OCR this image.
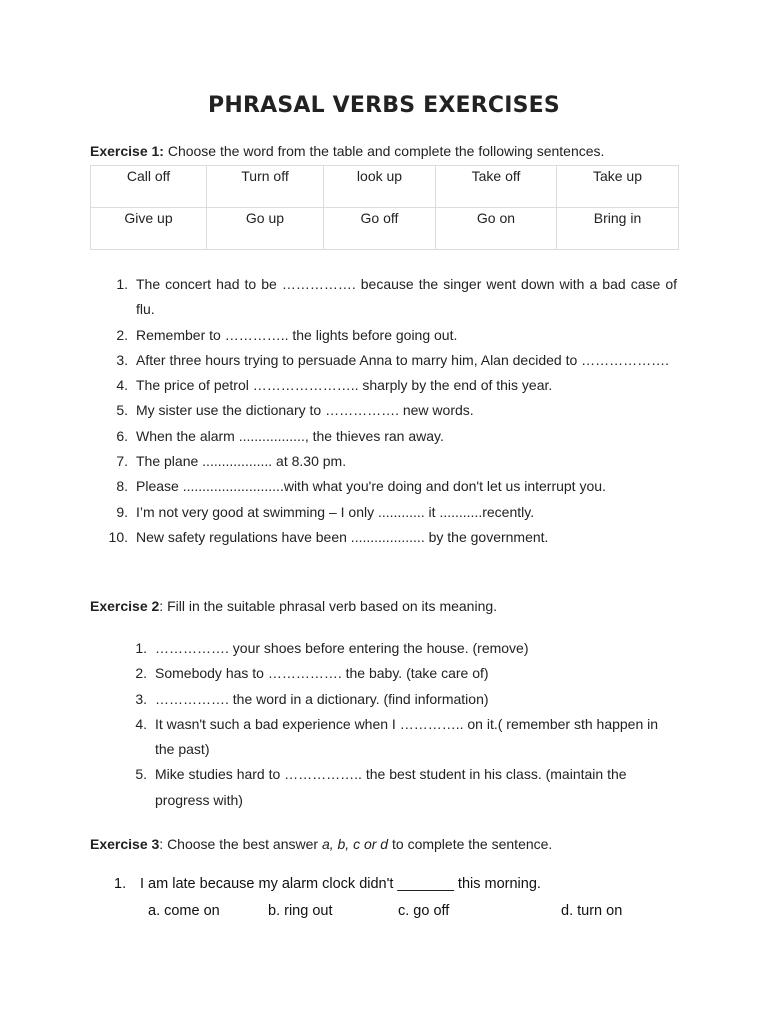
PHRASAL VERBS EXERCISES
Exercise 1: Choose the word from the table and complete the following sentences.
Call off	Turn off	look up	Take off	Take up

Give up	Go up	Go off	Go on	Bring in
1. The concert had to be ……………. because the singer went down with a bad case of flu.
2. Remember to ………….. the lights before going out.
3. After three hours trying to persuade Anna to marry him, Alan decided to ……………….
4. The price of petrol ………………….. sharply by the end of this year.
5. My sister use the dictionary to ……………. new words.
6. When the alarm ................., the thieves ran away.
7. The plane .................. at 8.30 pm.
8. Please ..........................with what you're doing and don't let us interrupt you.
9. I’m not very good at swimming – I only ............ it ...........recently.
10. New safety regulations have been ................... by the government.
Exercise 2: Fill in the suitable phrasal verb based on its meaning.
1. ……………. your shoes before entering the house. (remove)
2. Somebody has to ……………. the baby. (take care of)
3. ……………. the word in a dictionary. (find information)
4. It wasn't such a bad experience when I ………….. on it.( remember sth happen in the past)
5. Mike studies hard to …………….. the best student in his class. (maintain the progress with)
Exercise 3: Choose the best answer a, b, c or d to complete the sentence.
1. I am late because my alarm clock didn't _______ this morning.
a. come on	b. ring out	c. go off	d. turn on
